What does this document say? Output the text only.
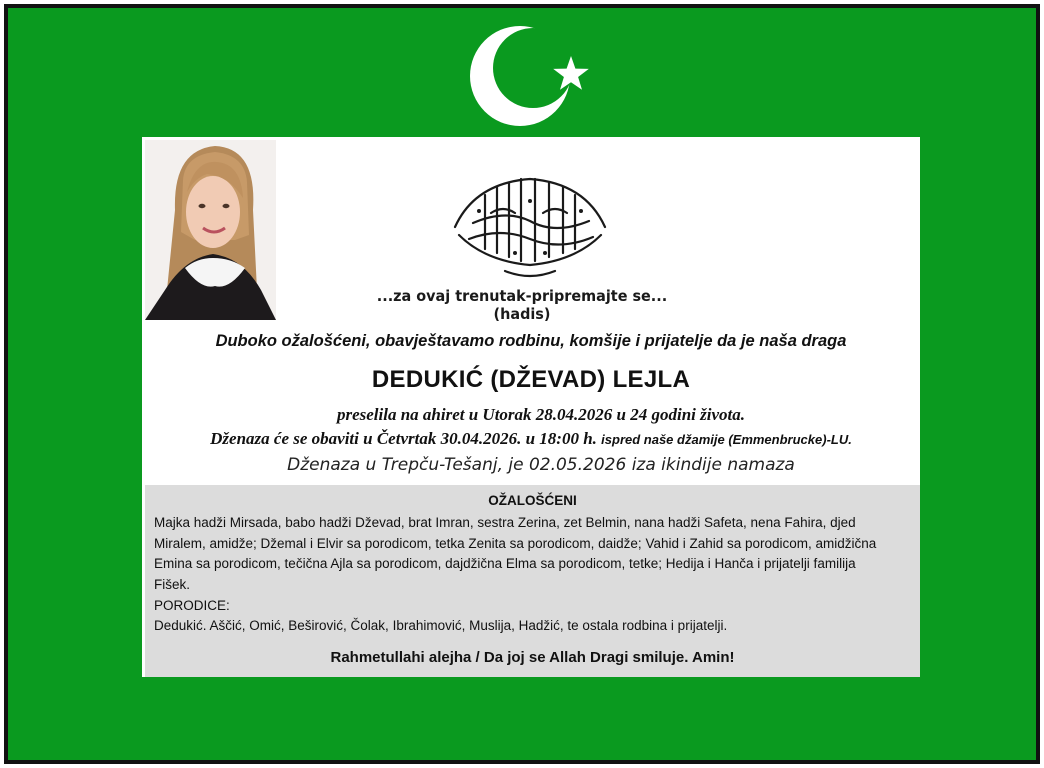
...za ovaj trenutak-pripremajte se... (hadis)
Duboko ožalošćeni, obavještavamo rodbinu, komšije i prijatelje da je naša draga
DEDUKIĆ (DŽEVAD) LEJLA
preselila na ahiret u Utorak 28.04.2026 u 24 godini života.
Dženaza će se obaviti u Četvrtak 30.04.2026. u 18:00 h. ispred naše džamije (Emmenbrucke)-LU.
Dženaza u Trepču-Tešanj, je 02.05.2026 iza ikindije namaza
OŽALOŠĆENI
Majka hadži Mirsada, babo hadži Dževad, brat Imran, sestra Zerina, zet Belmin, nana hadži Safeta, nena Fahira, djed Miralem, amidže; Džemal i Elvir sa porodicom, tetka Zenita sa porodicom, daidže; Vahid i Zahid sa porodicom, amidžična Emina sa porodicom, tečična Ajla sa porodicom, dajdžična Elma sa porodicom, tetke; Hedija i Hanča i prijatelji familija Fišek.
PORODICE:
Dedukić. Aščić, Omić, Beširović, Čolak, Ibrahimović, Muslija, Hadžić, te ostala rodbina i prijatelji.
Rahmetullahi alejha / Da joj se Allah Dragi smiluje. Amin!
